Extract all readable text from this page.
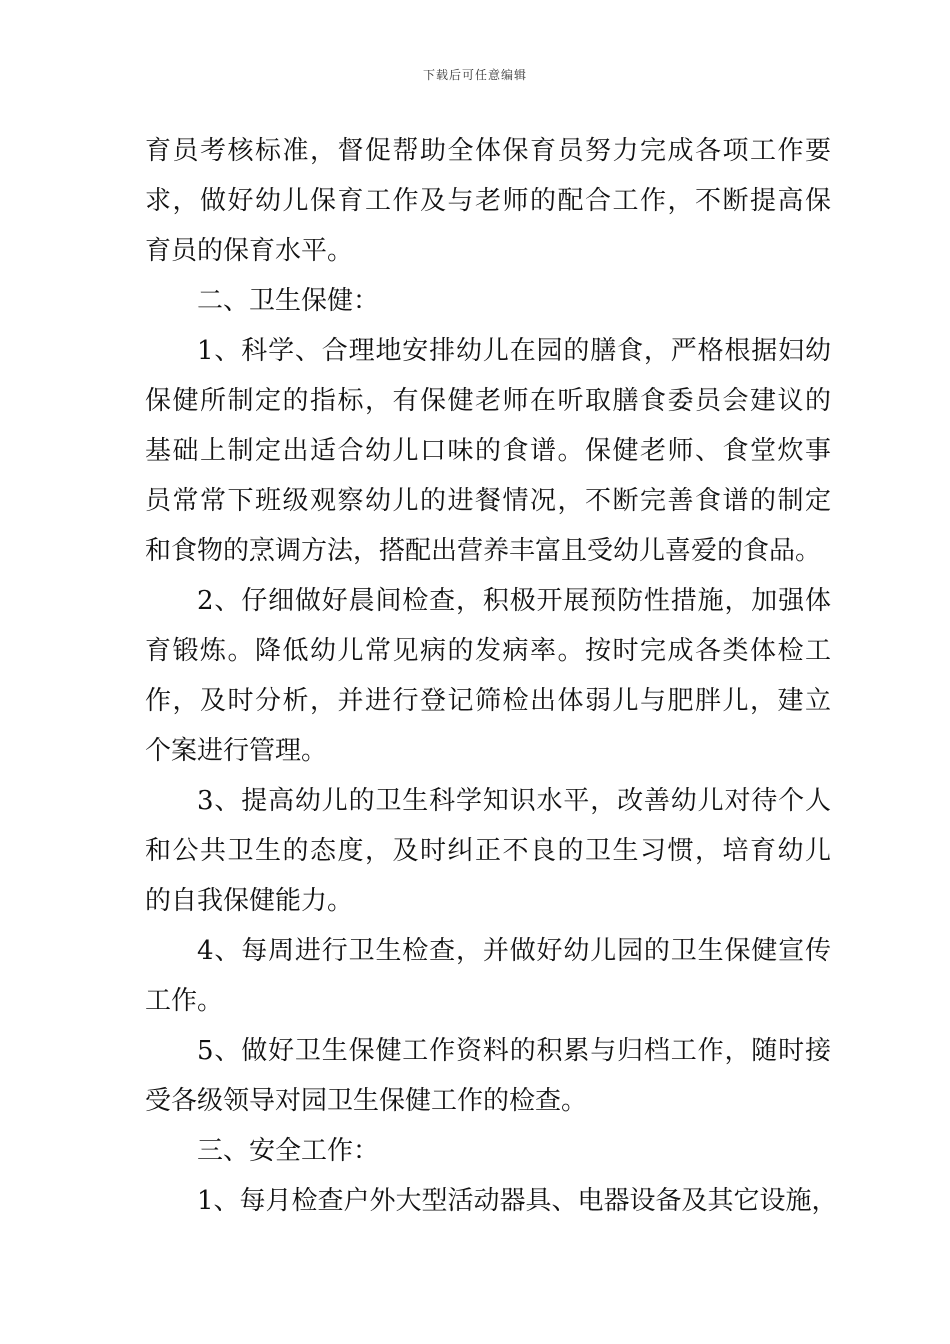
下载后可任意编辑
育员考核标准，督促帮助全体保育员努力完成各项工作要
求，做好幼儿保育工作及与老师的配合工作，不断提高保
育员的保育水平。
二、卫生保健：
1、科学、合理地安排幼儿在园的膳食，严格根据妇幼
保健所制定的指标，有保健老师在听取膳食委员会建议的
基础上制定出适合幼儿口味的食谱。保健老师、食堂炊事
员常常下班级观察幼儿的进餐情况，不断完善食谱的制定
和食物的烹调方法，搭配出营养丰富且受幼儿喜爱的食品。
2、仔细做好晨间检查，积极开展预防性措施，加强体
育锻炼。降低幼儿常见病的发病率。按时完成各类体检工
作，及时分析，并进行登记筛检出体弱儿与肥胖儿，建立
个案进行管理。
3、提高幼儿的卫生科学知识水平，改善幼儿对待个人
和公共卫生的态度，及时纠正不良的卫生习惯，培育幼儿
的自我保健能力。
4、每周进行卫生检查，并做好幼儿园的卫生保健宣传
工作。
5、做好卫生保健工作资料的积累与归档工作，随时接
受各级领导对园卫生保健工作的检查。
三、安全工作：
1、每月检查户外大型活动器具、电器设备及其它设施，
